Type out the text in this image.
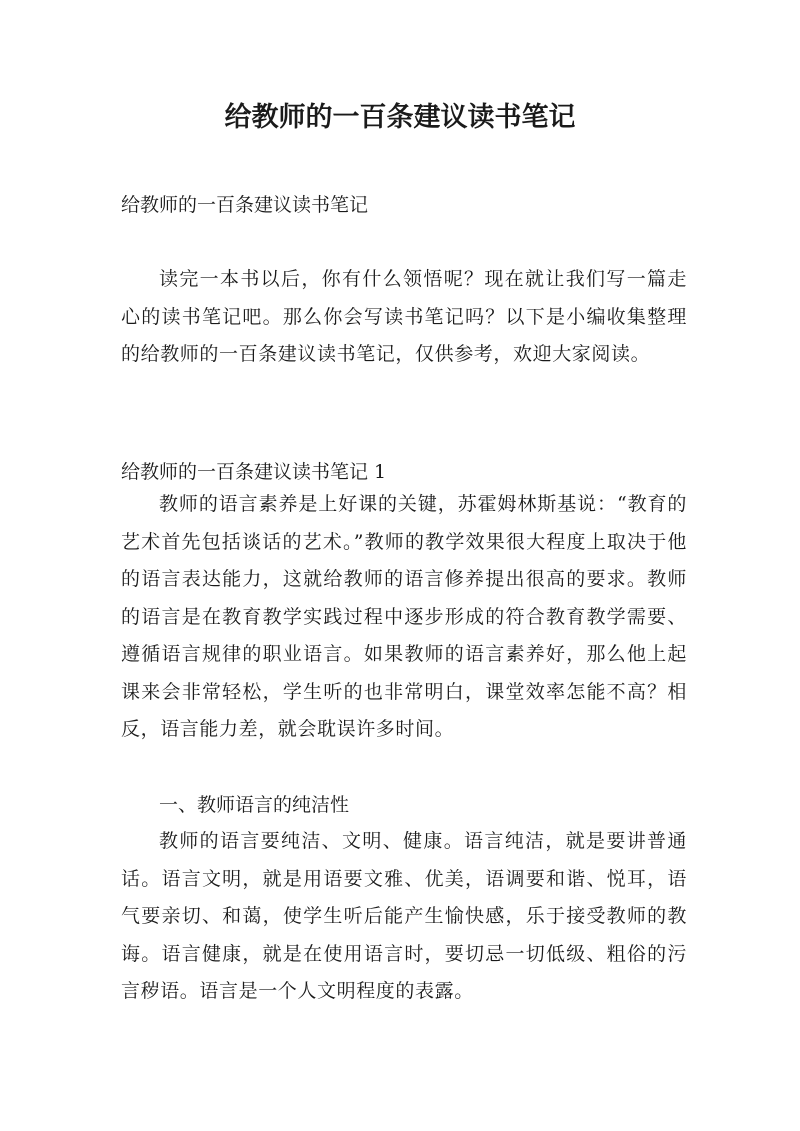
给教师的一百条建议读书笔记

给教师的一百条建议读书笔记

读完一本书以后，你有什么领悟呢？现在就让我们写一篇走心的读书笔记吧。那么你会写读书笔记吗？以下是小编收集整理的给教师的一百条建议读书笔记，仅供参考，欢迎大家阅读。

给教师的一百条建议读书笔记 1

教师的语言素养是上好课的关键，苏霍姆林斯基说：“教育的艺术首先包括谈话的艺术。”教师的教学效果很大程度上取决于他的语言表达能力，这就给教师的语言修养提出很高的要求。教师的语言是在教育教学实践过程中逐步形成的符合教育教学需要、遵循语言规律的职业语言。如果教师的语言素养好，那么他上起课来会非常轻松，学生听的也非常明白，课堂效率怎能不高？相反，语言能力差，就会耽误许多时间。

一、教师语言的纯洁性

教师的语言要纯洁、文明、健康。语言纯洁，就是要讲普通话。语言文明，就是用语要文雅、优美，语调要和谐、悦耳，语气要亲切、和蔼，使学生听后能产生愉快感，乐于接受教师的教诲。语言健康，就是在使用语言时，要切忌一切低级、粗俗的污言秽语。语言是一个人文明程度的表露。
